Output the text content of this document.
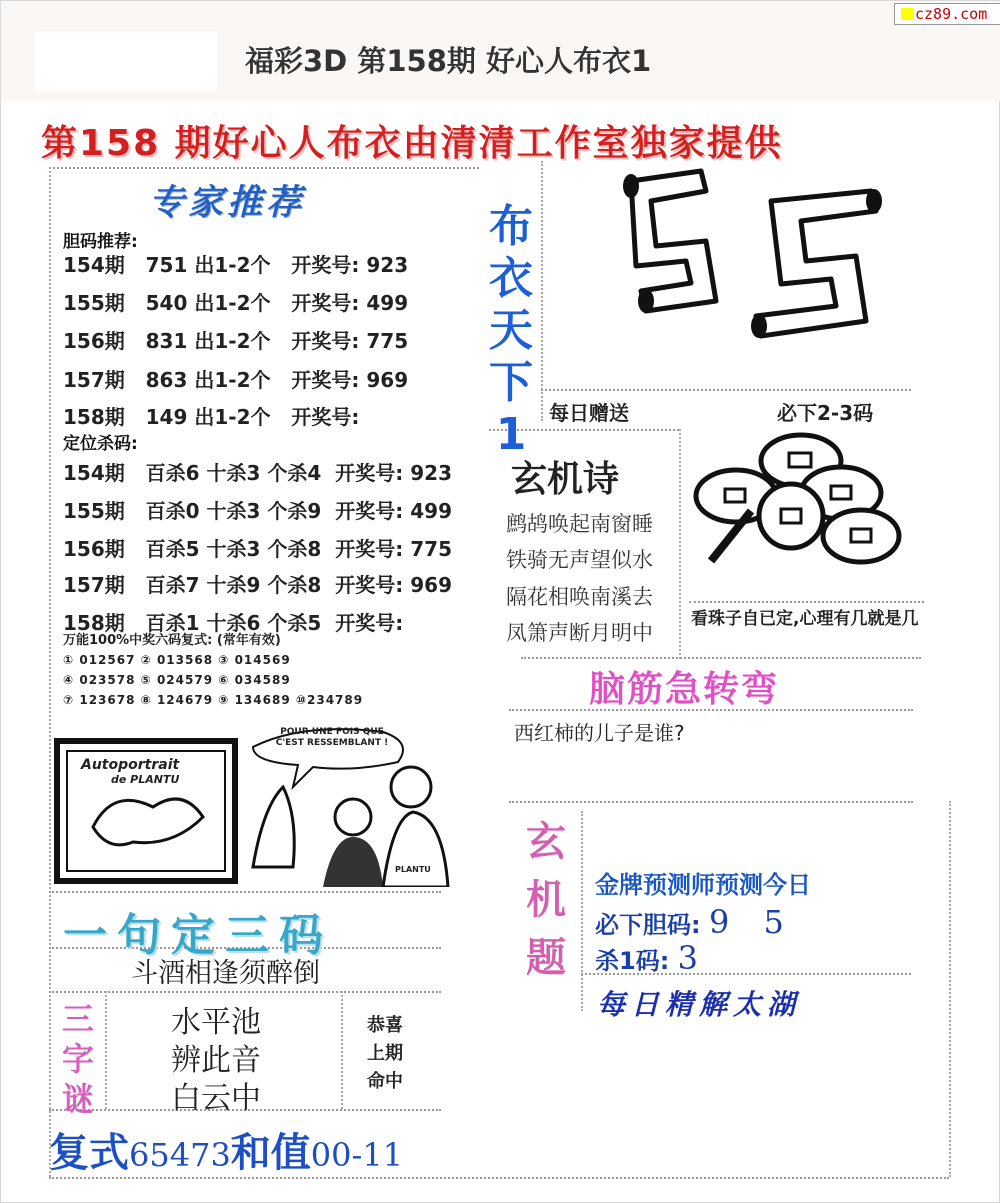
福彩3D 第158期 好心人布衣1
cz89.com
第158 期好心人布衣由清清工作室独家提供
专家推荐
胆码推荐:
154期 751 出1-2个 开奖号: 923
155期 540 出1-2个 开奖号: 499
156期 831 出1-2个 开奖号: 775
157期 863 出1-2个 开奖号: 969
158期 149 出1-2个 开奖号:
定位杀码:
154期 百杀6 十杀3 个杀4 开奖号: 923
155期 百杀0 十杀3 个杀9 开奖号: 499
156期 百杀5 十杀3 个杀8 开奖号: 775
157期 百杀7 十杀9 个杀8 开奖号: 969
158期 百杀1 十杀6 个杀5 开奖号:
万能100%中奖六码复式: (常年有效)
① 012567 ② 013568 ③ 014569
④ 023578 ⑤ 024579 ⑥ 034589
⑦ 123678 ⑧ 124679 ⑨ 134689 ⑩234789
布
衣
天
下
1	每日赠送	必下2-3码
玄机诗
鹧鸪唤起南窗睡
铁骑无声望似水
隔花相唤南溪去
凤箫声断月明中
看珠子自已定,心理有几就是几
脑筋急转弯
西红柿的儿子是谁?
Autoportrait
de PLANTU
POUR UNE FOIS QUE C'EST RESSEMBLANT !
PLANTU
玄
机
题
金牌预测师预测今日
必下胆码: 9 5
杀1码: 3
每日精解太湖
一句定三码
斗酒相逢须醉倒
三
字
谜
水平池
辨此音
白云中
恭喜
上期
命中
复式65473和值00-11
